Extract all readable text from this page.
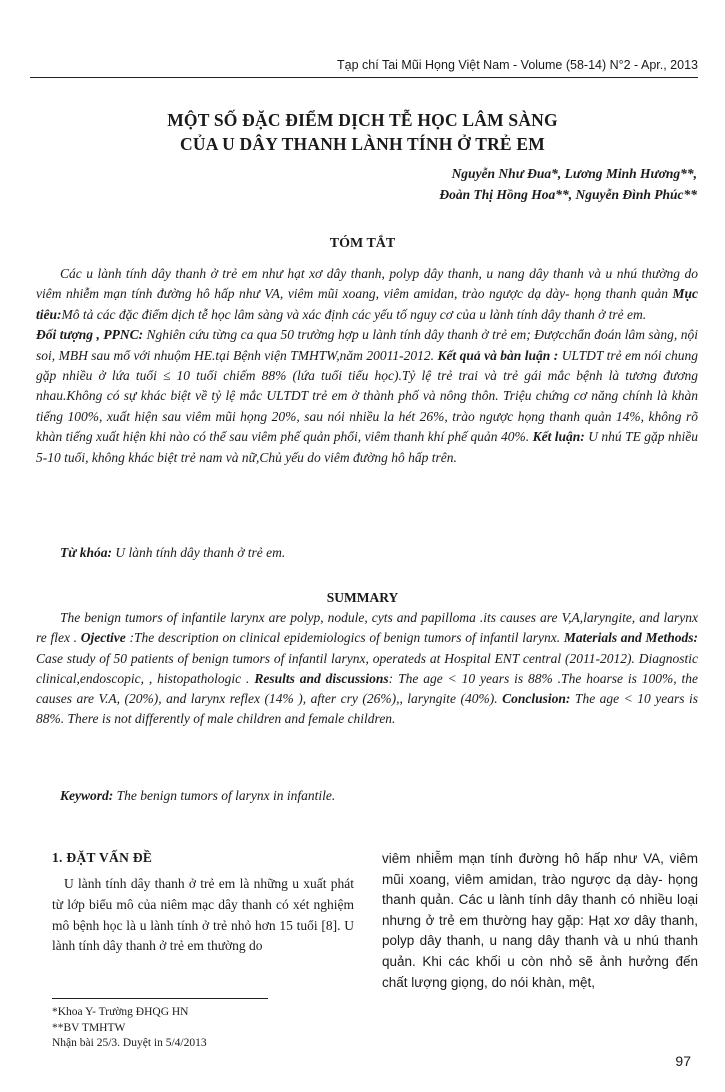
Tạp chí Tai Mũi Họng Việt Nam - Volume (58-14) N°2 - Apr., 2013
MỘT SỐ ĐẶC ĐIỂM DỊCH TỄ HỌC LÂM SÀNG
CỦA U DÂY THANH LÀNH TÍNH Ở TRẺ EM
Nguyễn Như Đua*, Lương Minh Hương**,
Đoàn Thị Hồng Hoa**, Nguyễn Đình Phúc**
TÓM TẮT
Các u lành tính dây thanh ở trẻ em như hạt xơ dây thanh, polyp dây thanh, u nang dây thanh và u nhú thường do viêm nhiễm mạn tính đường hô hấp như VA, viêm mũi xoang, viêm amidan, trào ngược dạ dày- họng thanh quản Mục tiêu:Mô tả các đặc điểm dịch tễ học lâm sàng và xác định các yếu tố nguy cơ của u lành tính dây thanh ở trẻ em.
Đối tượng , PPNC: Nghiên cứu từng ca qua 50 trường hợp u lành tính dây thanh ở trẻ em; Đượcchẩn đoán lâm sàng, nội soi, MBH sau mổ với nhuộm HE.tại Bệnh viện TMHTW,năm 20011-2012. Kết quả và bàn luận : ULTDT trẻ em nói chung gặp nhiều ở lứa tuổi ≤ 10 tuổi chiếm 88% (lứa tuổi tiểu học).Tỷ lệ trẻ trai và trẻ gái mắc bệnh là tương đương nhau.Không có sự khác biệt về tỷ lệ mắc ULTDT trẻ em ở thành phố và nông thôn. Triệu chứng cơ năng chính là khàn tiếng 100%, xuất hiện sau viêm mũi họng 20%, sau nói nhiều la hét 26%, trào ngược họng thanh quản 14%, không rõ khàn tiếng xuất hiện khi nào có thể sau viêm phế quản phổi, viêm thanh khí phế quản 40%. Kết luận: U nhú TE gặp nhiều 5-10 tuổi, không khác biệt trẻ nam và nữ,Chủ yếu do viêm đường hô hấp trên.
Từ khóa: U lành tính dây thanh ở trẻ em.
SUMMARY
The benign tumors of infantile larynx are polyp, nodule, cyts and papilloma .its causes are V,A,laryngite, and larynx re flex . Ojective :The description on clinical epidemiologics of benign tumors of infantil larynx. Materials and Methods: Case study of 50 patients of benign tumors of infantil larynx, operateds at Hospital ENT central (2011-2012). Diagnostic clinical,endoscopic, , histopathologic . Results and discussions: The age < 10 years is 88% .The hoarse is 100%, the causes are V.A, (20%), and larynx reflex (14% ), after cry (26%),, laryngite (40%). Conclusion: The age < 10 years is 88%. There is not differently of male children and female children.
Keyword: The benign tumors of larynx in infantile.
1. ĐẶT VẤN ĐỀ

U lành tính dây thanh ở trẻ em là những u xuất phát từ lớp biểu mô của niêm mạc dây thanh có xét nghiệm mô bệnh học là u lành tính ở trẻ nhỏ hơn 15 tuổi [8]. U lành tính dây thanh ở trẻ em thường do

viêm nhiễm mạn tính đường hô hấp như VA, viêm mũi xoang, viêm amidan, trào ngược dạ dày- họng thanh quản. Các u lành tính dây thanh có nhiều loại nhưng ở trẻ em thường hay gặp: Hạt xơ dây thanh, polyp dây thanh, u nang dây thanh và u nhú thanh quản. Khi các khối u còn nhỏ sẽ ảnh hưởng đến chất lượng giọng, do nói khàn, mệt,
*Khoa Y- Trường ĐHQG HN
**BV TMHTW
Nhận bài 25/3. Duyệt in 5/4/2013
97
